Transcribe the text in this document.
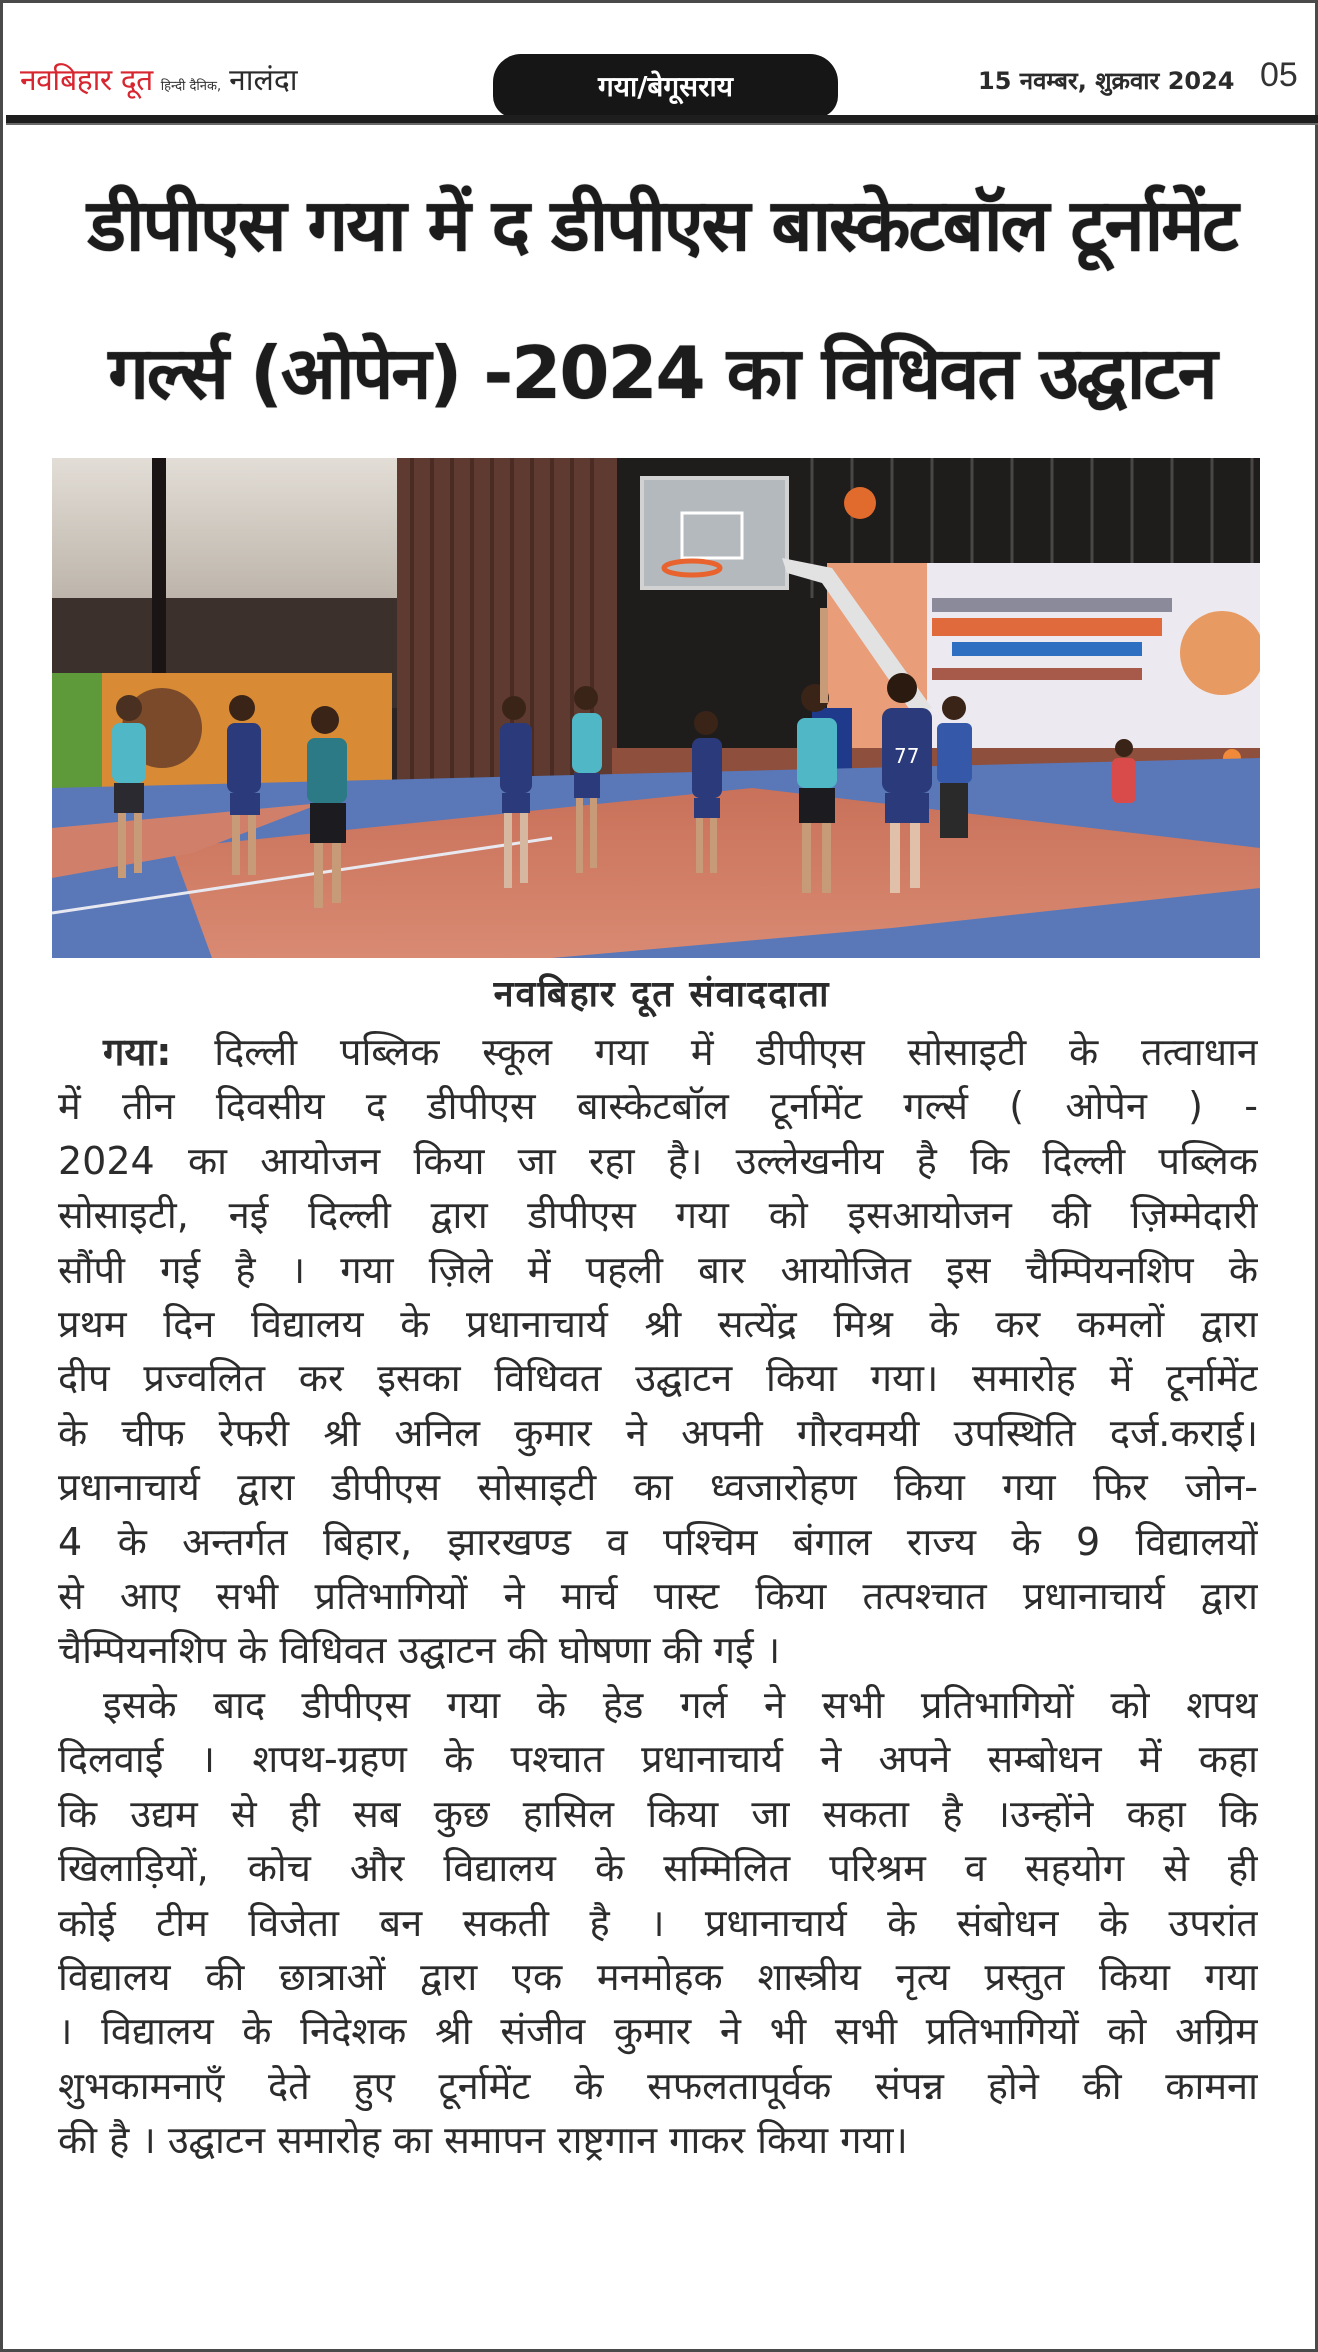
नवबिहार दूत हिन्दी दैनिक, नालंदा	गया/बेगूसराय	15 नवम्बर, शुक्रवार 2024 05
डीपीएस गया में द डीपीएस बास्केटबॉल टूर्नामेंट
गर्ल्स (ओपेन) -2024 का विधिवत उद्घाटन
77
नवबिहार दूत संवाददाता
गया: दिल्ली पब्लिक स्कूल गया में डीपीएस सोसाइटी के तत्वाधान
में तीन दिवसीय द डीपीएस बास्केटबॉल टूर्नामेंट गर्ल्स ( ओपेन ) -
2024 का आयोजन किया जा रहा है। उल्लेखनीय है कि दिल्ली पब्लिक
सोसाइटी, नई दिल्ली द्वारा डीपीएस गया को इसआयोजन की ज़िम्मेदारी
सौंपी गई है । गया ज़िले में पहली बार आयोजित इस चैम्पियनशिप के
प्रथम दिन विद्यालय के प्रधानाचार्य श्री सत्येंद्र मिश्र के कर कमलों द्वारा
दीप प्रज्वलित कर इसका विधिवत उद्घाटन किया गया। समारोह में टूर्नामेंट
के चीफ रेफरी श्री अनिल कुमार ने अपनी गौरवमयी उपस्थिति दर्ज.कराई।
प्रधानाचार्य द्वारा डीपीएस सोसाइटी का ध्वजारोहण किया गया फिर जोन-
4 के अन्तर्गत बिहार, झारखण्ड व पश्चिम बंगाल राज्य के 9 विद्यालयों
से आए सभी प्रतिभागियों ने मार्च पास्ट किया तत्पश्चात प्रधानाचार्य द्वारा
चैम्पियनशिप के विधिवत उद्घाटन की घोषणा की गई ।
इसके बाद डीपीएस गया के हेड गर्ल ने सभी प्रतिभागियों को शपथ
दिलवाई । शपथ-ग्रहण के पश्चात प्रधानाचार्य ने अपने सम्बोधन में कहा
कि उद्यम से ही सब कुछ हासिल किया जा सकता है ।उन्होंने कहा कि
खिलाड़ियों, कोच और विद्यालय के सम्मिलित परिश्रम व सहयोग से ही
कोई टीम विजेता बन सकती है । प्रधानाचार्य के संबोधन के उपरांत
विद्यालय की छात्राओं द्वारा एक मनमोहक शास्त्रीय नृत्य प्रस्तुत किया गया
। विद्यालय के निदेशक श्री संजीव कुमार ने भी सभी प्रतिभागियों को अग्रिम
शुभकामनाएँ देते हुए टूर्नामेंट के सफलतापूर्वक संपन्न होने की कामना
की है । उद्घाटन समारोह का समापन राष्ट्रगान गाकर किया गया।
